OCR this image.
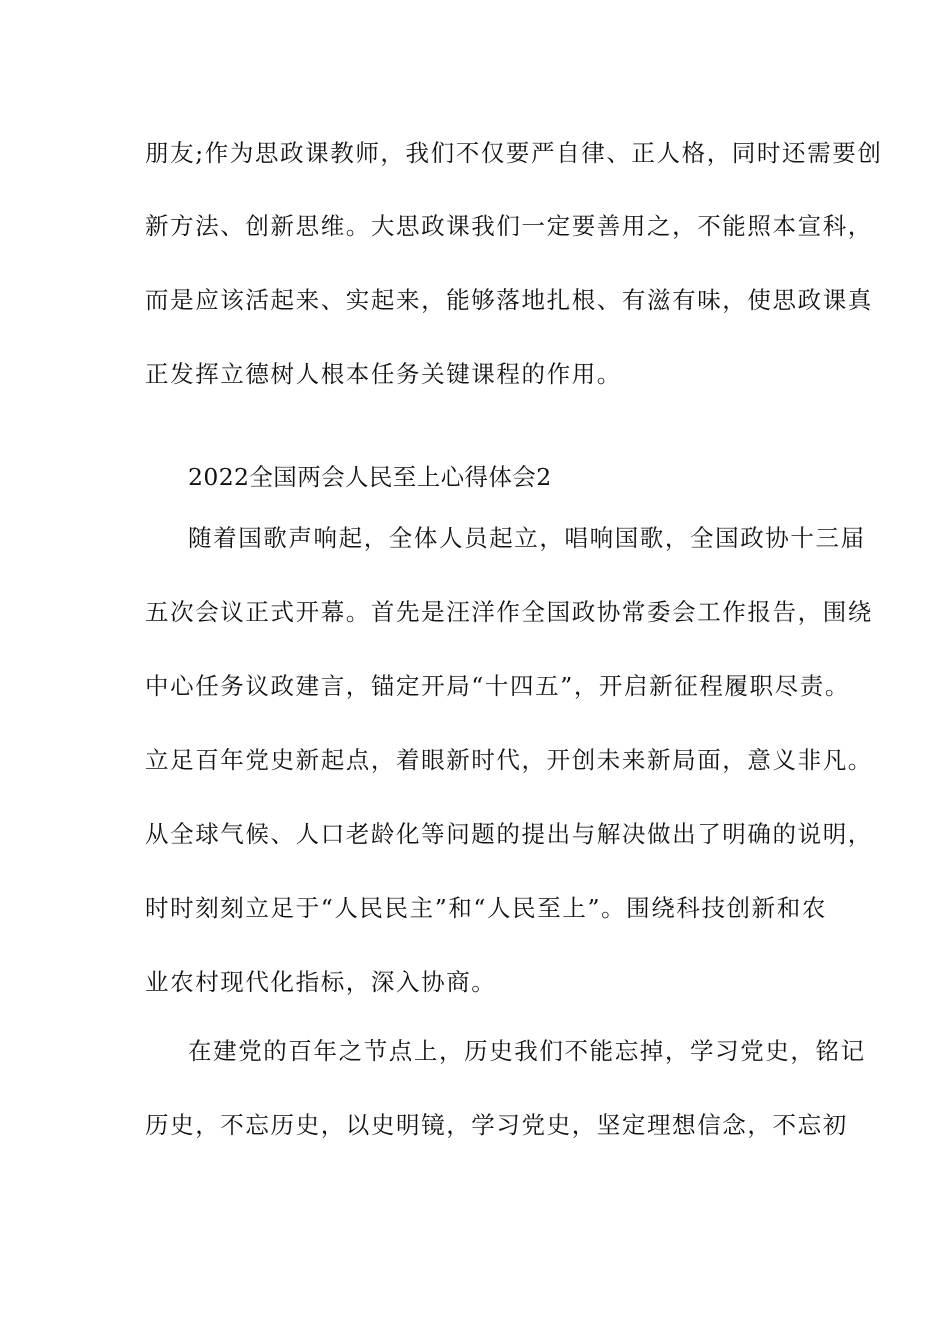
朋友;作为思政课教师，我们不仅要严自律、正人格，同时还需要创
新方法、创新思维。大思政课我们一定要善用之，不能照本宣科，
而是应该活起来、实起来，能够落地扎根、有滋有味，使思政课真
正发挥立德树人根本任务关键课程的作用。
2022全国两会人民至上心得体会2
随着国歌声响起，全体人员起立，唱响国歌，全国政协十三届
五次会议正式开幕。首先是汪洋作全国政协常委会工作报告，围绕
中心任务议政建言，锚定开局“十四五”，开启新征程履职尽责。
立足百年党史新起点，着眼新时代，开创未来新局面，意义非凡。
从全球气候、人口老龄化等问题的提出与解决做出了明确的说明，
时时刻刻立足于“人民民主”和“人民至上”。围绕科技创新和农
业农村现代化指标，深入协商。
在建党的百年之节点上，历史我们不能忘掉，学习党史，铭记
历史，不忘历史，以史明镜，学习党史，坚定理想信念，不忘初
